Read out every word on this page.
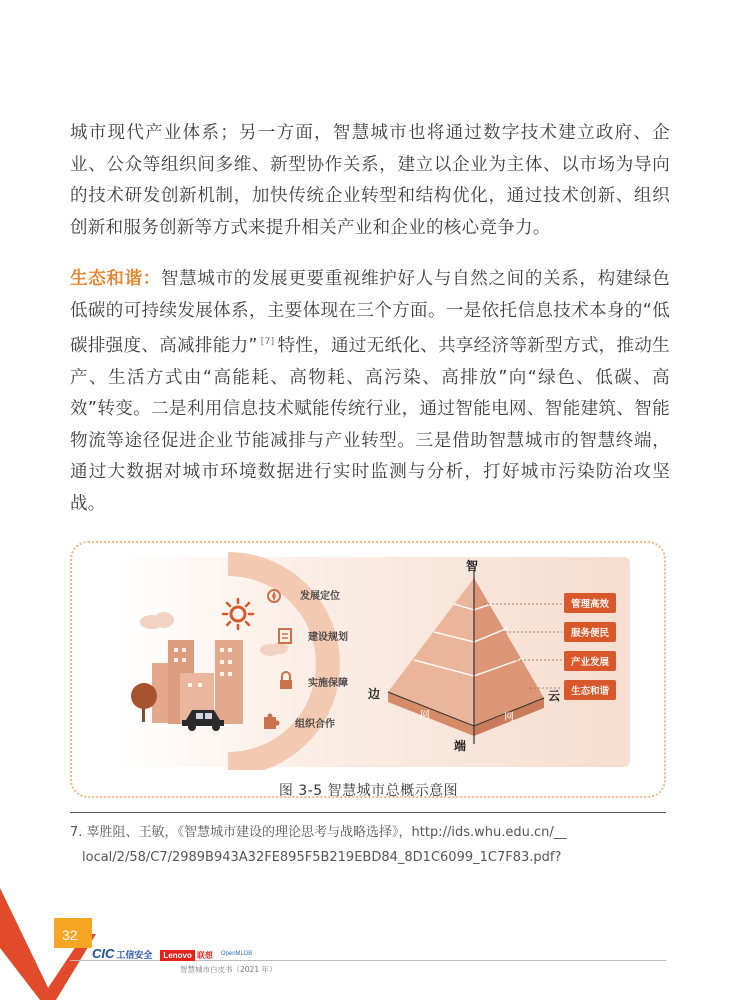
城市现代产业体系；另一方面，智慧城市也将通过数字技术建立政府、企业、公众等组织间多维、新型协作关系，建立以企业为主体、以市场为导向的技术研发创新机制，加快传统企业转型和结构优化，通过技术创新、组织创新和服务创新等方式来提升相关产业和企业的核心竞争力。

生态和谐：智慧城市的发展更要重视维护好人与自然之间的关系，构建绿色低碳的可持续发展体系，主要体现在三个方面。一是依托信息技术本身的“低碳排强度、高减排能力” [7] 特性，通过无纸化、共享经济等新型方式，推动生产、生活方式由“高能耗、高物耗、高污染、高排放”向“绿色、低碳、高效”转变。二是利用信息技术赋能传统行业，通过智能电网、智能建筑、智能物流等途径促进企业节能减排与产业转型。三是借助智慧城市的智慧终端，通过大数据对城市环境数据进行实时监测与分析，打好城市污染防治攻坚战。

发展定位
建设规划
实施保障
组织合作
智
边	云
端
网	网
管理高效
服务便民
产业发展
生态和谐
图 3-5 智慧城市总概示意图

7. 辜胜阻、王敏，《智慧城市建设的理论思考与战略选择》，http://ids.whu.edu.cn/__
local/2/58/C7/2989B943A32FE895F5B219EBD84_8D1C6099_1C7F83.pdf?

32
CIC 工信安全	Lenovo 联想 OpenMLDB
智慧城市白皮书（2021 年）
